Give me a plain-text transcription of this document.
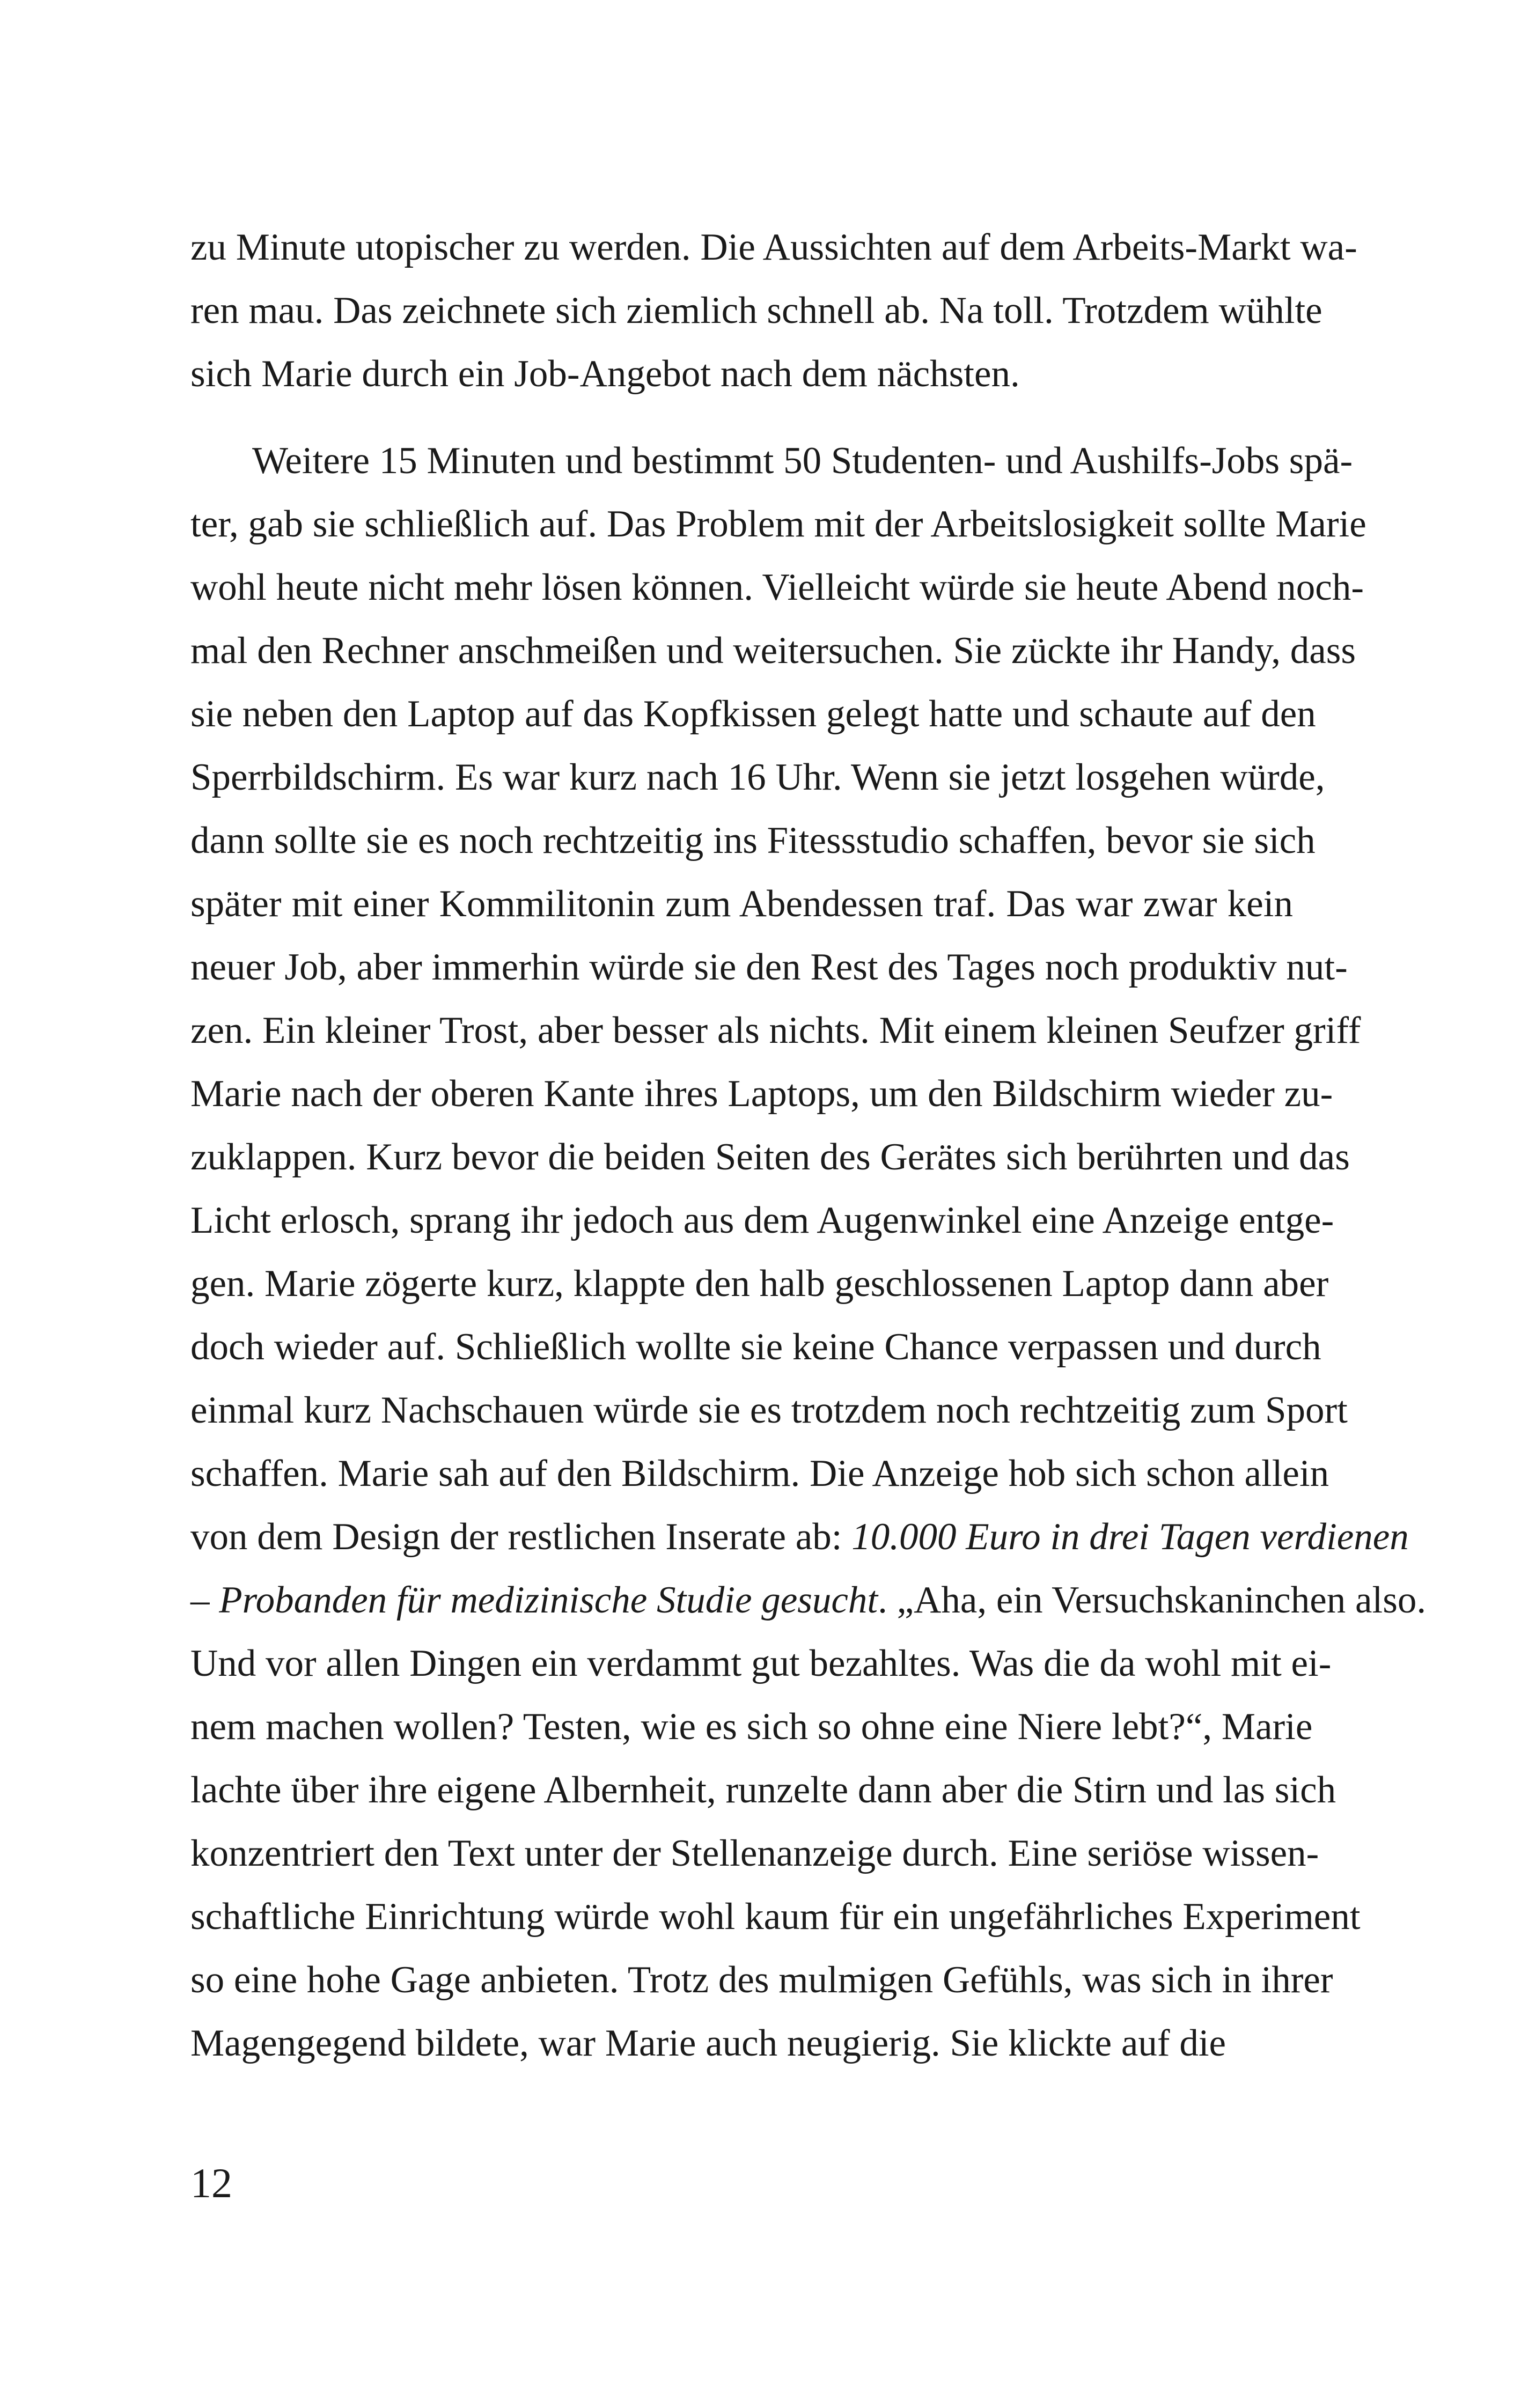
zu Minute utopischer zu werden. Die Aussichten auf dem Arbeits-Markt wa-
ren mau. Das zeichnete sich ziemlich schnell ab. Na toll. Trotzdem wühlte
sich Marie durch ein Job-Angebot nach dem nächsten.
Weitere 15 Minuten und bestimmt 50 Studenten- und Aushilfs-Jobs spä-
ter, gab sie schließlich auf. Das Problem mit der Arbeitslosigkeit sollte Marie
wohl heute nicht mehr lösen können. Vielleicht würde sie heute Abend noch-
mal den Rechner anschmeißen und weitersuchen. Sie zückte ihr Handy, dass
sie neben den Laptop auf das Kopfkissen gelegt hatte und schaute auf den
Sperrbildschirm. Es war kurz nach 16 Uhr. Wenn sie jetzt losgehen würde,
dann sollte sie es noch rechtzeitig ins Fitessstudio schaffen, bevor sie sich
später mit einer Kommilitonin zum Abendessen traf. Das war zwar kein
neuer Job, aber immerhin würde sie den Rest des Tages noch produktiv nut-
zen. Ein kleiner Trost, aber besser als nichts. Mit einem kleinen Seufzer griff
Marie nach der oberen Kante ihres Laptops, um den Bildschirm wieder zu-
zuklappen. Kurz bevor die beiden Seiten des Gerätes sich berührten und das
Licht erlosch, sprang ihr jedoch aus dem Augenwinkel eine Anzeige entge-
gen. Marie zögerte kurz, klappte den halb geschlossenen Laptop dann aber
doch wieder auf. Schließlich wollte sie keine Chance verpassen und durch
einmal kurz Nachschauen würde sie es trotzdem noch rechtzeitig zum Sport
schaffen. Marie sah auf den Bildschirm. Die Anzeige hob sich schon allein
von dem Design der restlichen Inserate ab: 10.000 Euro in drei Tagen verdienen
– Probanden für medizinische Studie gesucht. „Aha, ein Versuchskaninchen also.
Und vor allen Dingen ein verdammt gut bezahltes. Was die da wohl mit ei-
nem machen wollen? Testen, wie es sich so ohne eine Niere lebt?“, Marie
lachte über ihre eigene Albernheit, runzelte dann aber die Stirn und las sich
konzentriert den Text unter der Stellenanzeige durch. Eine seriöse wissen-
schaftliche Einrichtung würde wohl kaum für ein ungefährliches Experiment
so eine hohe Gage anbieten. Trotz des mulmigen Gefühls, was sich in ihrer
Magengegend bildete, war Marie auch neugierig. Sie klickte auf die
12
